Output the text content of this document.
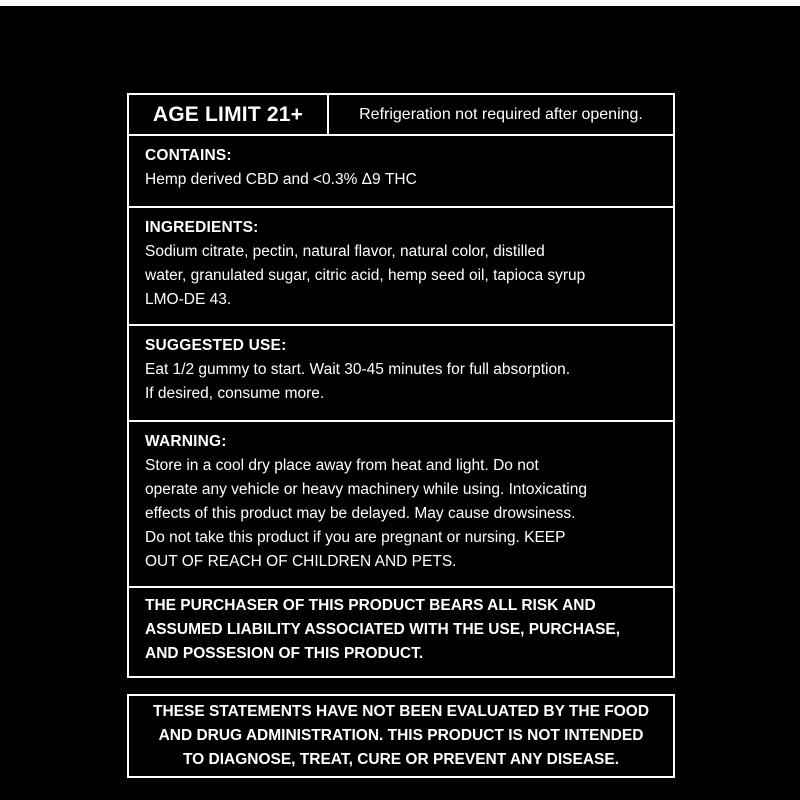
AGE LIMIT 21+	Refrigeration not required after opening.
CONTAINS:
Hemp derived CBD and <0.3% Δ9 THC
INGREDIENTS:
Sodium citrate, pectin, natural flavor, natural color, distilled
water, granulated sugar, citric acid, hemp seed oil, tapioca syrup
LMO-DE 43.
SUGGESTED USE:
Eat 1/2 gummy to start. Wait 30-45 minutes for full absorption.
If desired, consume more.
WARNING:
Store in a cool dry place away from heat and light. Do not
operate any vehicle or heavy machinery while using. Intoxicating
effects of this product may be delayed. May cause drowsiness.
Do not take this product if you are pregnant or nursing. KEEP
OUT OF REACH OF CHILDREN AND PETS.
THE PURCHASER OF THIS PRODUCT BEARS ALL RISK AND
ASSUMED LIABILITY ASSOCIATED WITH THE USE, PURCHASE,
AND POSSESION OF THIS PRODUCT.
THESE STATEMENTS HAVE NOT BEEN EVALUATED BY THE FOOD
AND DRUG ADMINISTRATION. THIS PRODUCT IS NOT INTENDED
TO DIAGNOSE, TREAT, CURE OR PREVENT ANY DISEASE.
